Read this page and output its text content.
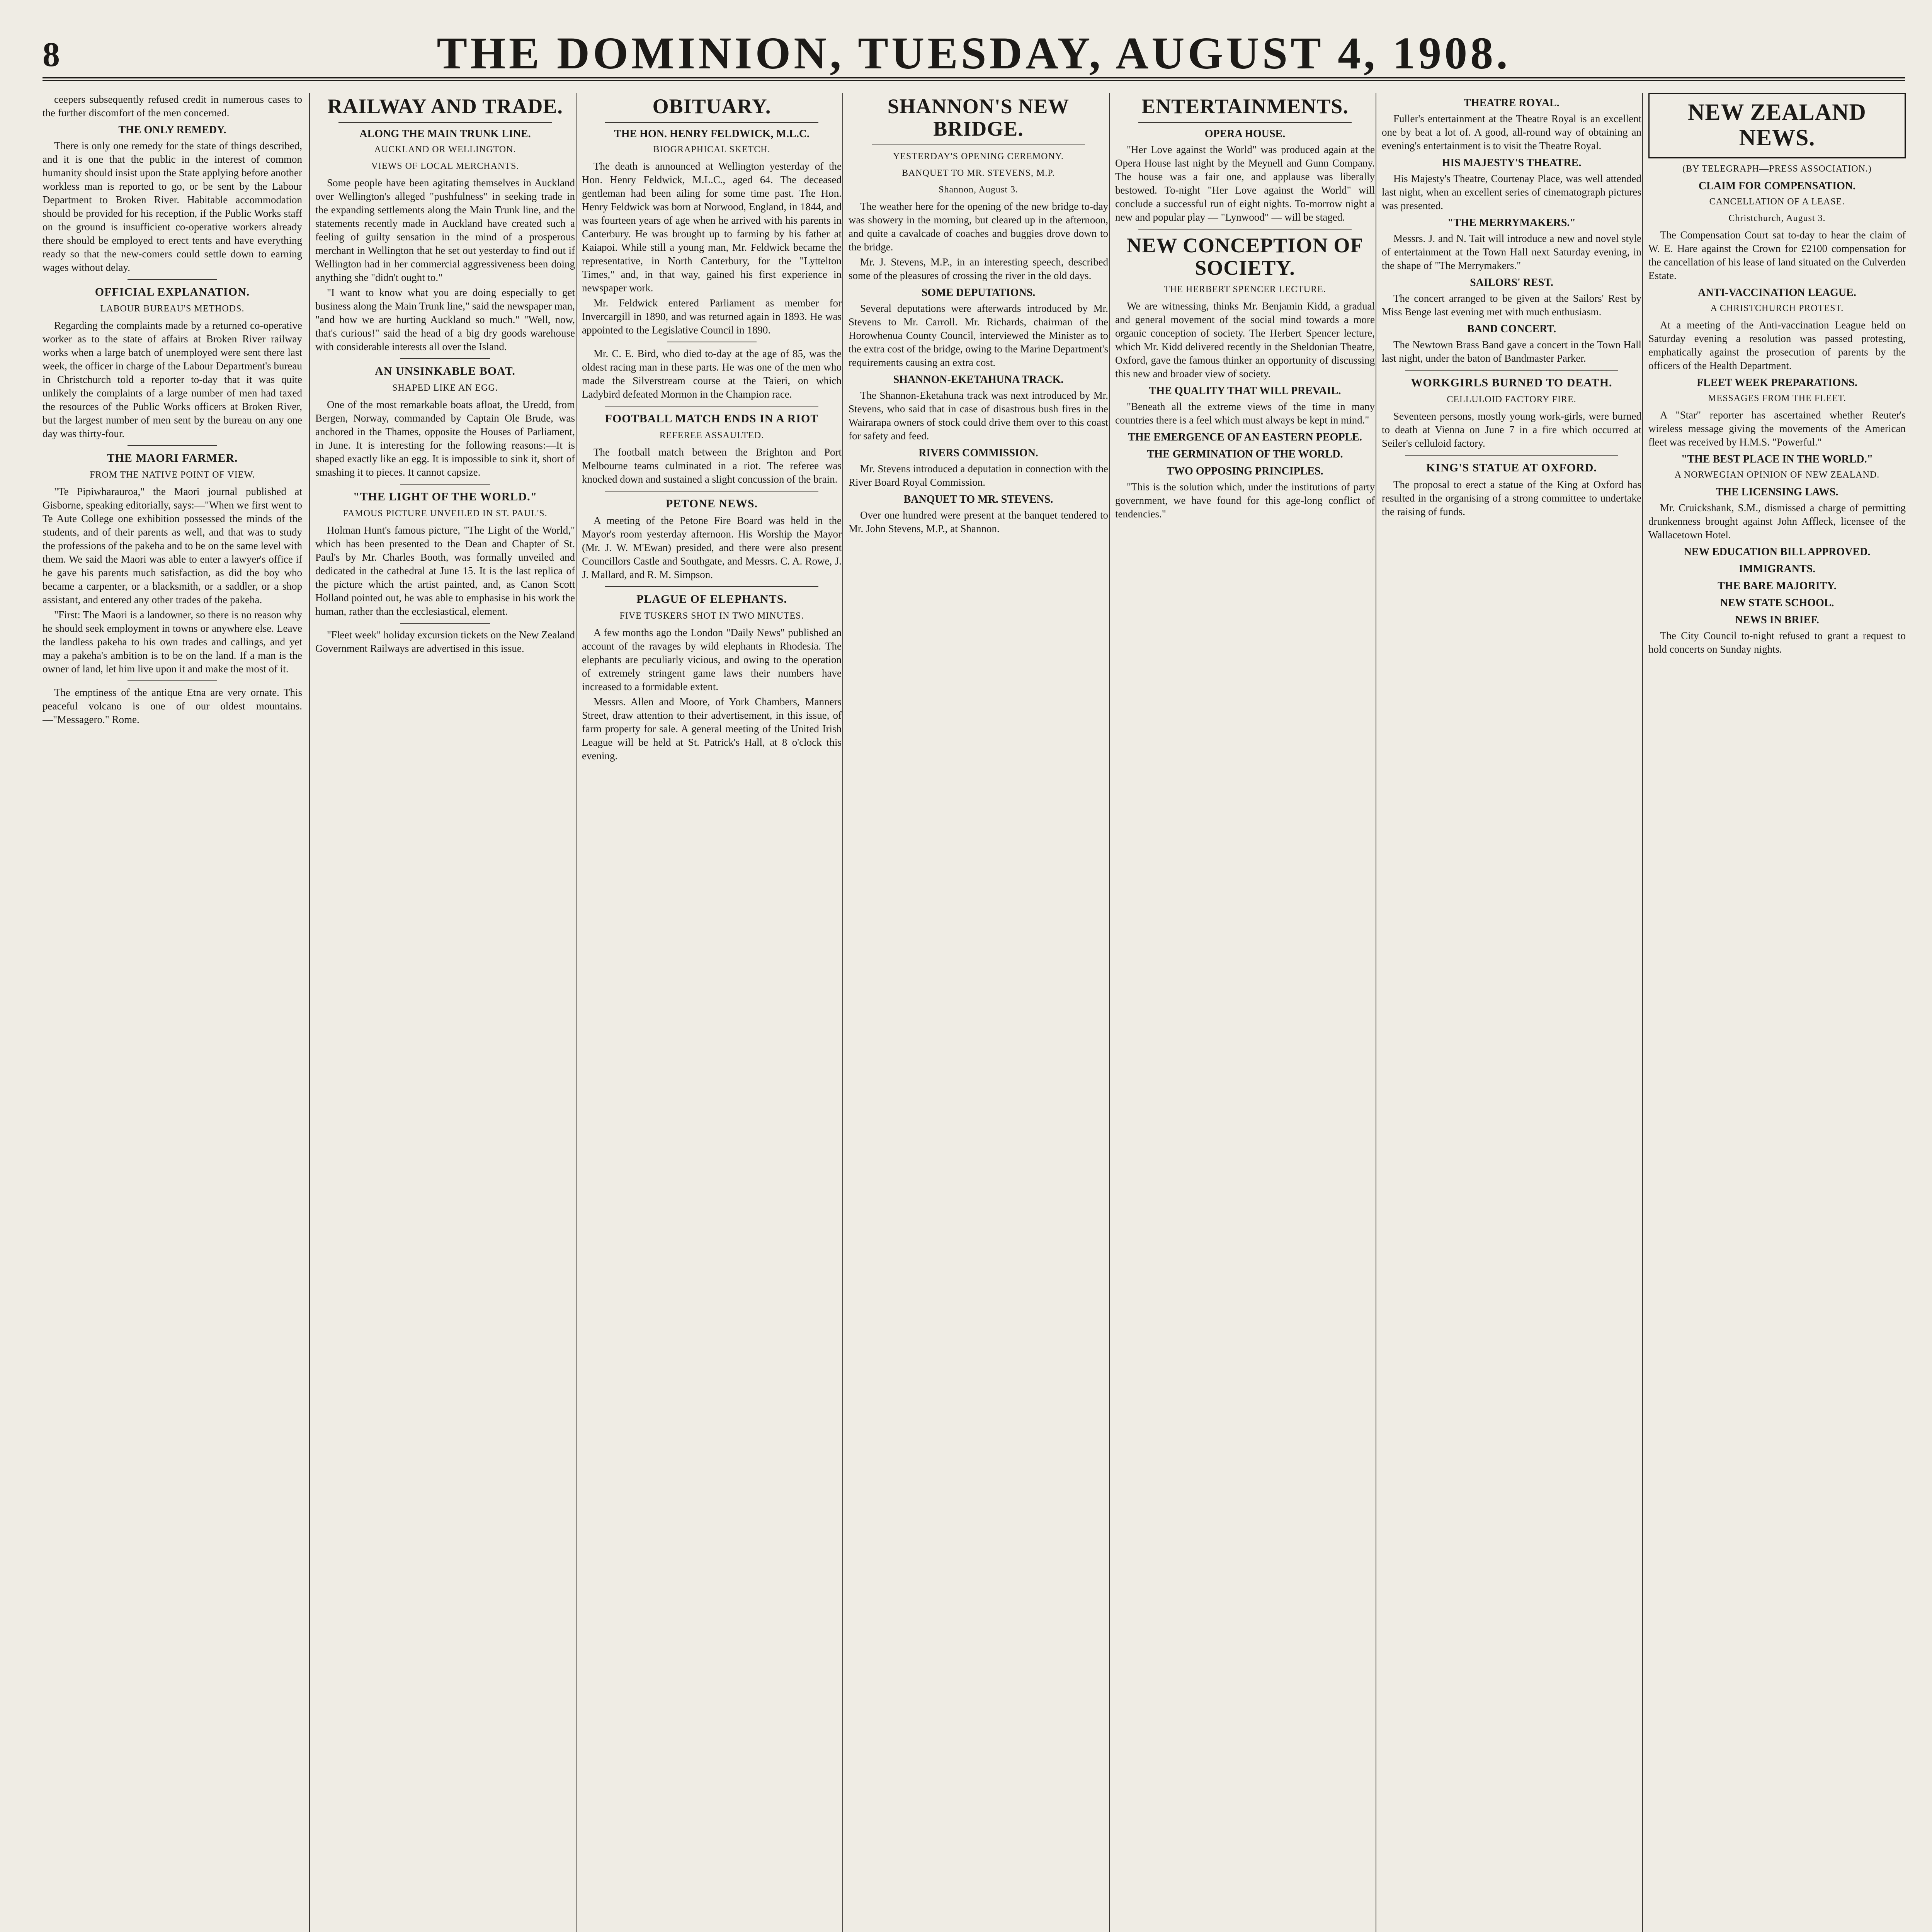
8	THE DOMINION, TUESDAY, AUGUST 4, 1908.

ceepers subsequently refused credit in numerous cases to the further discomfort of the men concerned.

THE ONLY REMEDY.

There is only one remedy for the state of things described, and it is one that the public in the interest of common humanity should insist upon the State applying before another workless man is reported to go, or be sent by the Labour Department to Broken River. Habitable accommodation should be provided for his reception, if the Public Works staff on the ground is insufficient co-operative workers already there should be employed to erect tents and have everything ready so that the new-comers could settle down to earning wages without delay.

OFFICIAL EXPLANATION.
LABOUR BUREAU'S METHODS.

Regarding the complaints made by a returned co-operative worker as to the state of affairs at Broken River railway works when a large batch of unemployed were sent there last week, the officer in charge of the Labour Department's bureau in Christchurch told a reporter to-day that it was quite unlikely the complaints of a large number of men had taxed the resources of the Public Works officers at Broken River, but the largest number of men sent by the bureau on any one day was thirty-four.

THE MAORI FARMER.
FROM THE NATIVE POINT OF VIEW.

"Te Pipiwharauroa," the Maori journal published at Gisborne, speaking editorially, says:—"When we first went to Te Aute College one exhibition possessed the minds of the students, and of their parents as well, and that was to study the professions of the pakeha and to be on the same level with them. We said the Maori was able to enter a lawyer's office if he gave his parents much satisfaction, as did the boy who became a carpenter, or a blacksmith, or a saddler, or a shop assistant, and entered any other trades of the pakeha.

"First: The Maori is a landowner, so there is no reason why he should seek employment in towns or anywhere else. Leave the landless pakeha to his own trades and callings, and yet may a pakeha's ambition is to be on the land. If a man is the owner of land, let him live upon it and make the most of it.

The emptiness of the antique Etna are very ornate. This peaceful volcano is one of our oldest mountains. —"Messagero." Rome.

RAILWAY AND TRADE.
ALONG THE MAIN TRUNK LINE.
AUCKLAND OR WELLINGTON.
VIEWS OF LOCAL MERCHANTS.

Some people have been agitating themselves in Auckland over Wellington's alleged "pushfulness" in seeking trade in the expanding settlements along the Main Trunk line, and the statements recently made in Auckland have created such a feeling of guilty sensation in the mind of a prosperous merchant in Wellington that he set out yesterday to find out if Wellington had in her commercial aggressiveness been doing anything she "didn't ought to."

"I want to know what you are doing especially to get business along the Main Trunk line," said the newspaper man, "and how we are hurting Auckland so much." "Well, now, that's curious!" said the head of a big dry goods warehouse with considerable interests all over the Island.

AN UNSINKABLE BOAT.
SHAPED LIKE AN EGG.

One of the most remarkable boats afloat, the Uredd, from Bergen, Norway, commanded by Captain Ole Brude, was anchored in the Thames, opposite the Houses of Parliament, in June. It is interesting for the following reasons:—It is shaped exactly like an egg. It is impossible to sink it, short of smashing it to pieces. It cannot capsize.

"THE LIGHT OF THE WORLD."
FAMOUS PICTURE UNVEILED IN ST. PAUL'S.

Holman Hunt's famous picture, "The Light of the World," which has been presented to the Dean and Chapter of St. Paul's by Mr. Charles Booth, was formally unveiled and dedicated in the cathedral at June 15. It is the last replica of the picture which the artist painted, and, as Canon Scott Holland pointed out, he was able to emphasise in his work the human, rather than the ecclesiastical, element.

"Fleet week" holiday excursion tickets on the New Zealand Government Railways are advertised in this issue.

OBITUARY.
THE HON. HENRY FELDWICK, M.L.C.
BIOGRAPHICAL SKETCH.

The death is announced at Wellington yesterday of the Hon. Henry Feldwick, M.L.C., aged 64. The deceased gentleman had been ailing for some time past. The Hon. Henry Feldwick was born at Norwood, England, in 1844, and was fourteen years of age when he arrived with his parents in Canterbury. He was brought up to farming by his father at Kaiapoi. While still a young man, Mr. Feldwick became the representative, in North Canterbury, for the "Lyttelton Times," and, in that way, gained his first experience in newspaper work.

Mr. Feldwick entered Parliament as member for Invercargill in 1890, and was returned again in 1893. He was appointed to the Legislative Council in 1890.

Mr. C. E. Bird, who died to-day at the age of 85, was the oldest racing man in these parts. He was one of the men who made the Silverstream course at the Taieri, on which Ladybird defeated Mormon in the Champion race.

FOOTBALL MATCH ENDS IN A RIOT
REFEREE ASSAULTED.

The football match between the Brighton and Port Melbourne teams culminated in a riot. The referee was knocked down and sustained a slight concussion of the brain.

PETONE NEWS.

A meeting of the Petone Fire Board was held in the Mayor's room yesterday afternoon. His Worship the Mayor (Mr. J. W. M'Ewan) presided, and there were also present Councillors Castle and Southgate, and Messrs. C. A. Rowe, J. J. Mallard, and R. M. Simpson.

PLAGUE OF ELEPHANTS.
FIVE TUSKERS SHOT IN TWO MINUTES.

A few months ago the London "Daily News" published an account of the ravages by wild elephants in Rhodesia. The elephants are peculiarly vicious, and owing to the operation of extremely stringent game laws their numbers have increased to a formidable extent.

Messrs. Allen and Moore, of York Chambers, Manners Street, draw attention to their advertisement, in this issue, of farm property for sale. A general meeting of the United Irish League will be held at St. Patrick's Hall, at 8 o'clock this evening.

SHANNON'S NEW BRIDGE.
YESTERDAY'S OPENING CEREMONY.
BANQUET TO MR. STEVENS, M.P.
Shannon, August 3.

The weather here for the opening of the new bridge to-day was showery in the morning, but cleared up in the afternoon, and quite a cavalcade of coaches and buggies drove down to the bridge.

Mr. J. Stevens, M.P., in an interesting speech, described some of the pleasures of crossing the river in the old days.

SOME DEPUTATIONS.

Several deputations were afterwards introduced by Mr. Stevens to Mr. Carroll. Mr. Richards, chairman of the Horowhenua County Council, interviewed the Minister as to the extra cost of the bridge, owing to the Marine Department's requirements causing an extra cost.

SHANNON-EKETAHUNA TRACK.

The Shannon-Eketahuna track was next introduced by Mr. Stevens, who said that in case of disastrous bush fires in the Wairarapa owners of stock could drive them over to this coast for safety and feed.

RIVERS COMMISSION.

Mr. Stevens introduced a deputation in connection with the River Board Royal Commission.

BANQUET TO MR. STEVENS.

Over one hundred were present at the banquet tendered to Mr. John Stevens, M.P., at Shannon.

ENTERTAINMENTS.
OPERA HOUSE.

"Her Love against the World" was produced again at the Opera House last night by the Meynell and Gunn Company. The house was a fair one, and applause was liberally bestowed. To-night "Her Love against the World" will conclude a successful run of eight nights. To-morrow night a new and popular play — "Lynwood" — will be staged.

NEW CONCEPTION OF SOCIETY.
THE HERBERT SPENCER LECTURE.

We are witnessing, thinks Mr. Benjamin Kidd, a gradual and general movement of the social mind towards a more organic conception of society. The Herbert Spencer lecture, which Mr. Kidd delivered recently in the Sheldonian Theatre, Oxford, gave the famous thinker an opportunity of discussing this new and broader view of society.

THE QUALITY THAT WILL PREVAIL.

"Beneath all the extreme views of the time in many countries there is a feel which must always be kept in mind."

THE EMERGENCE OF AN EASTERN PEOPLE.
THE GERMINATION OF THE WORLD.
TWO OPPOSING PRINCIPLES.

"This is the solution which, under the institutions of party government, we have found for this age-long conflict of tendencies."

THEATRE ROYAL.

Fuller's entertainment at the Theatre Royal is an excellent one by beat a lot of. A good, all-round way of obtaining an evening's entertainment is to visit the Theatre Royal.

HIS MAJESTY'S THEATRE.

His Majesty's Theatre, Courtenay Place, was well attended last night, when an excellent series of cinematograph pictures was presented.

"THE MERRYMAKERS."

Messrs. J. and N. Tait will introduce a new and novel style of entertainment at the Town Hall next Saturday evening, in the shape of "The Merrymakers."

SAILORS' REST.

The concert arranged to be given at the Sailors' Rest by Miss Benge last evening met with much enthusiasm.

BAND CONCERT.

The Newtown Brass Band gave a concert in the Town Hall last night, under the baton of Bandmaster Parker.

WORKGIRLS BURNED TO DEATH.
CELLULOID FACTORY FIRE.

Seventeen persons, mostly young work-girls, were burned to death at Vienna on June 7 in a fire which occurred at Seiler's celluloid factory.

KING'S STATUE AT OXFORD.

The proposal to erect a statue of the King at Oxford has resulted in the organising of a strong committee to undertake the raising of funds.

NEW ZEALAND NEWS.
(BY TELEGRAPH—PRESS ASSOCIATION.)
CLAIM FOR COMPENSATION.
CANCELLATION OF A LEASE.
Christchurch, August 3.

The Compensation Court sat to-day to hear the claim of W. E. Hare against the Crown for £2100 compensation for the cancellation of his lease of land situated on the Culverden Estate.

ANTI-VACCINATION LEAGUE.
A CHRISTCHURCH PROTEST.

At a meeting of the Anti-vaccination League held on Saturday evening a resolution was passed protesting, emphatically against the prosecution of parents by the officers of the Health Department.

FLEET WEEK PREPARATIONS.
MESSAGES FROM THE FLEET.

A "Star" reporter has ascertained whether Reuter's wireless message giving the movements of the American fleet was received by H.M.S. "Powerful."

"THE BEST PLACE IN THE WORLD."
A NORWEGIAN OPINION OF NEW ZEALAND.
THE LICENSING LAWS.

Mr. Cruickshank, S.M., dismissed a charge of permitting drunkenness brought against John Affleck, licensee of the Wallacetown Hotel.

NEW EDUCATION BILL APPROVED.
IMMIGRANTS.
THE BARE MAJORITY.
NEW STATE SCHOOL.
NEWS IN BRIEF.

The City Council to-night refused to grant a request to hold concerts on Sunday nights.
